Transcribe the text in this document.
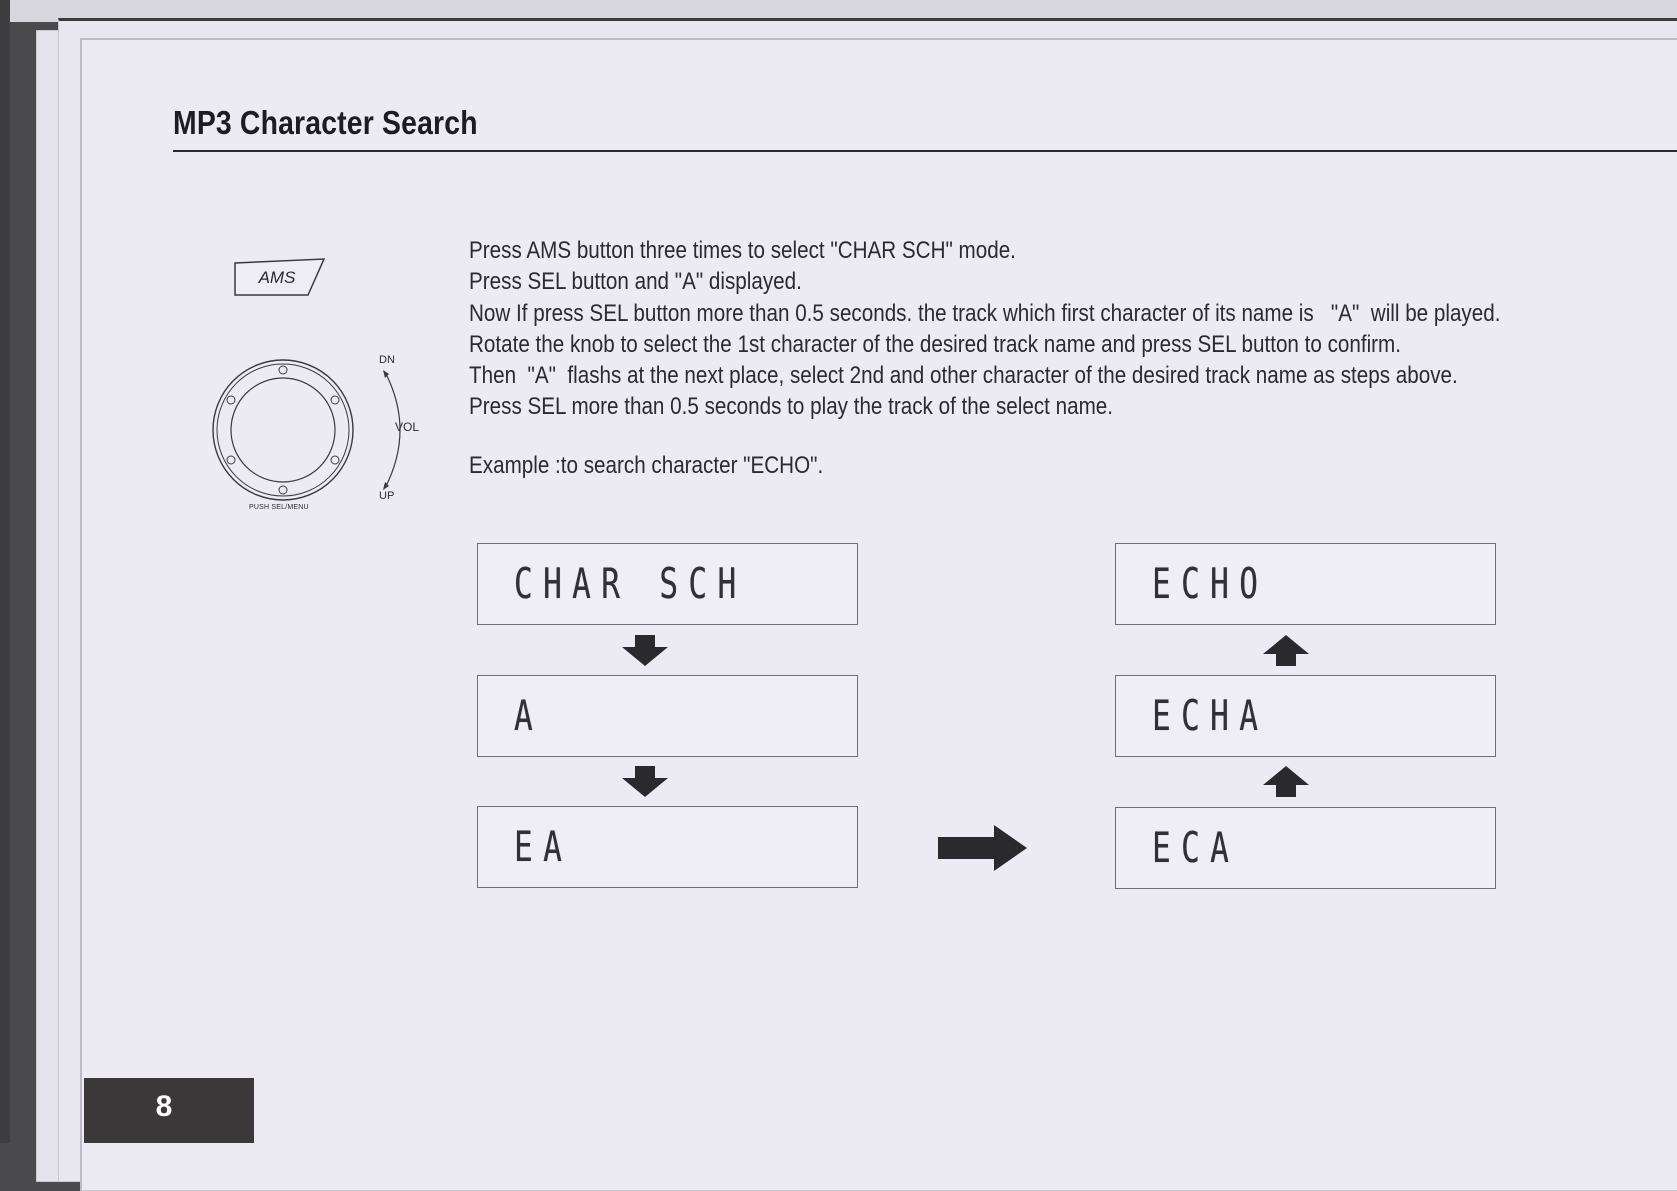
MP3 Character Search
AMS
DN
VOL
UP
PUSH SEL/MENU
Press AMS button three times to select "CHAR SCH" mode.
Press SEL button and "A" displayed.
Now If press SEL button more than 0.5 seconds. the track which first character of its name is   "A"  will be played.
Rotate the knob to select the 1st character of the desired track name and press SEL button to confirm.
Then  "A"  flashs at the next place, select 2nd and other character of the desired track name as steps above.
Press SEL more than 0.5 seconds to play the track of the select name.
Example :to search character "ECHO".
CHAR SCH
A
EA
ECHO
ECHA
ECA
8
